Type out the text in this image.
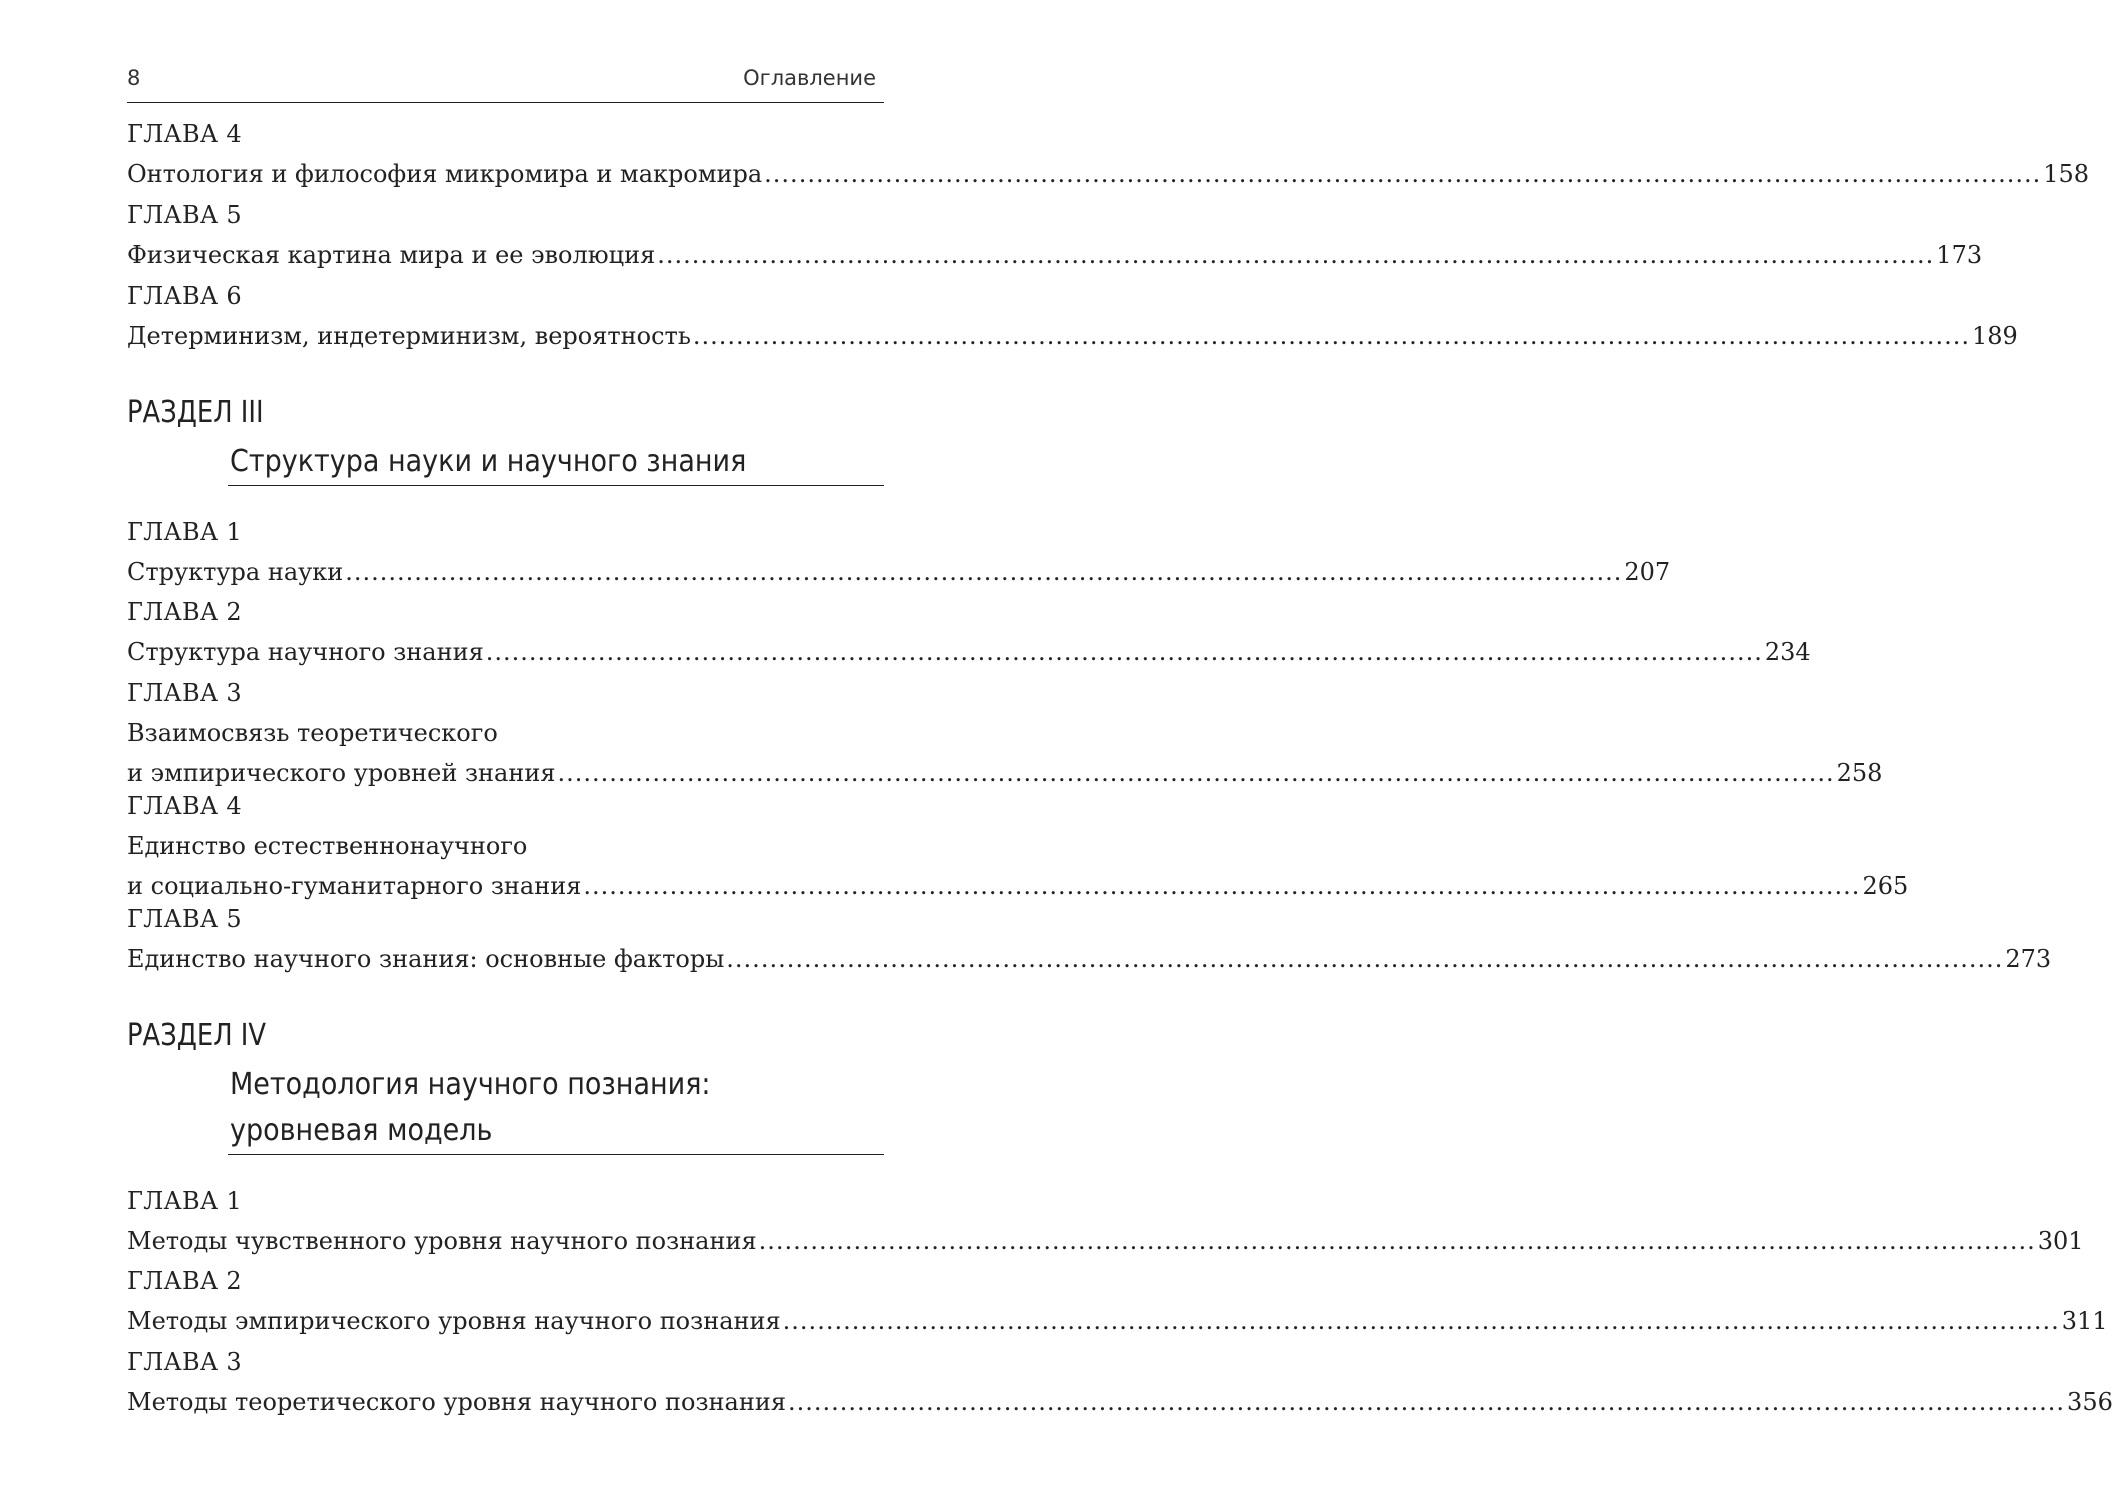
8	Оглавление
ГЛАВА 4
Онтология и философия микромира и макромира .................................................................................................................................................... 158
ГЛАВА 5
Физическая картина мира и ее эволюция .................................................................................................................................................... 173
ГЛАВА 6
Детерминизм, индетерминизм, вероятность .................................................................................................................................................... 189
РАЗДЕЛ III
Структура науки и научного знания
ГЛАВА 1
Структура науки .................................................................................................................................................... 207
ГЛАВА 2
Структура научного знания .................................................................................................................................................... 234
ГЛАВА 3
Взаимосвязь теоретического
и эмпирического уровней знания .................................................................................................................................................... 258
ГЛАВА 4
Единство естественнонаучного
и социально-гуманитарного знания .................................................................................................................................................... 265
ГЛАВА 5
Единство научного знания: основные факторы .................................................................................................................................................... 273
РАЗДЕЛ IV
Методология научного познания:
уровневая модель
ГЛАВА 1
Методы чувственного уровня научного познания .................................................................................................................................................... 301
ГЛАВА 2
Методы эмпирического уровня научного познания .................................................................................................................................................... 311
ГЛАВА 3
Методы теоретического уровня научного познания .................................................................................................................................................... 356
